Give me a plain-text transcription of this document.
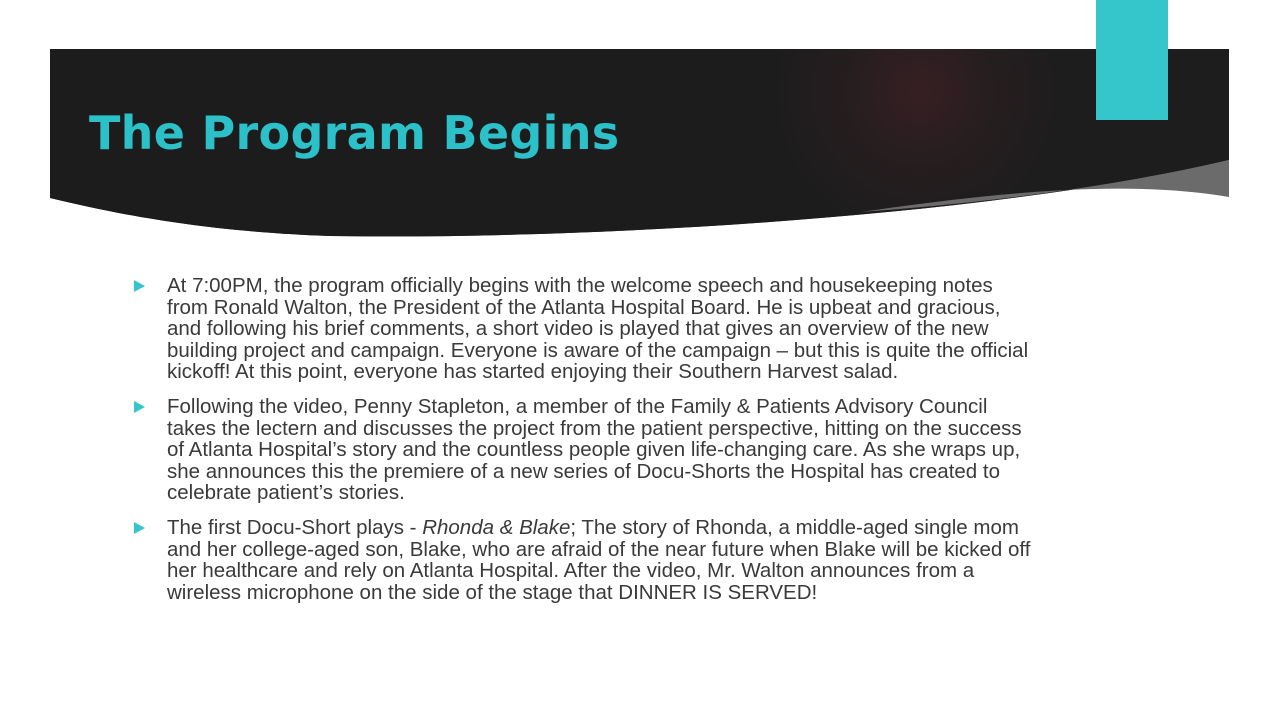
The Program Begins
At 7:00PM, the program officially begins with the welcome speech and housekeeping notes from Ronald Walton, the President of the Atlanta Hospital Board. He is upbeat and gracious, and following his brief comments, a short video is played that gives an overview of the new building project and campaign. Everyone is aware of the campaign – but this is quite the official kickoff! At this point, everyone has started enjoying their Southern Harvest salad.
Following the video, Penny Stapleton, a member of the Family & Patients Advisory Council takes the lectern and discusses the project from the patient perspective, hitting on the success of Atlanta Hospital’s story and the countless people given life-changing care. As she wraps up, she announces this the premiere of a new series of Docu-Shorts the Hospital has created to celebrate patient’s stories.
The first Docu-Short plays - Rhonda & Blake; The story of Rhonda, a middle-aged single mom and her college-aged son, Blake, who are afraid of the near future when Blake will be kicked off her healthcare and rely on Atlanta Hospital. After the video, Mr. Walton announces from a wireless microphone on the side of the stage that DINNER IS SERVED!
